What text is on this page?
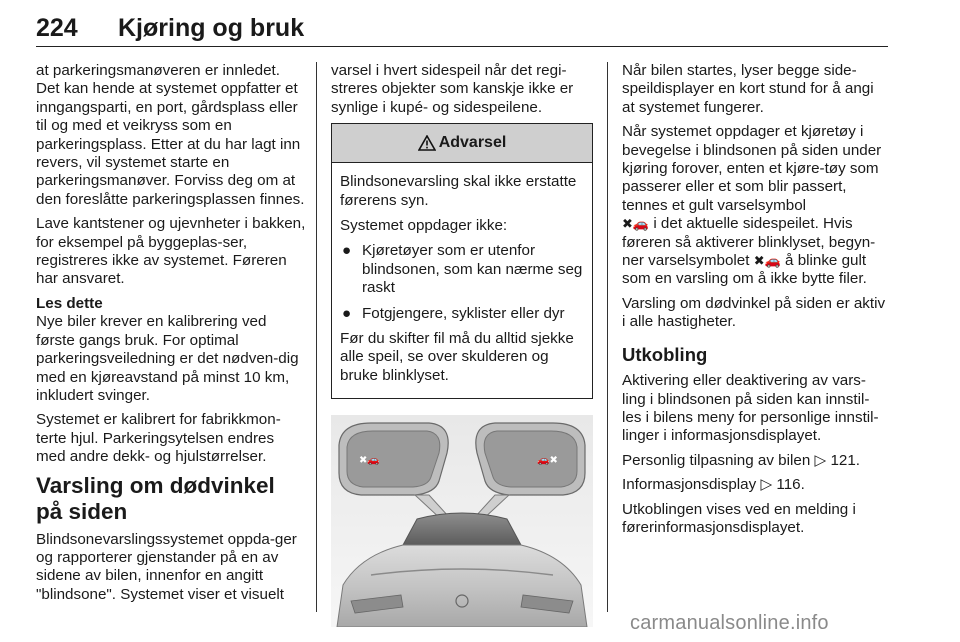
224 Kjøring og bruk

at parkeringsmanøveren er innledet. Det kan hende at systemet oppfatter et inngangsparti, en port, gårdsplass eller til og med et veikryss som en parkeringsplass. Etter at du har lagt inn revers, vil systemet starte en parkeringsmanøver. Forviss deg om at den foreslåtte parkeringsplassen finnes.

Lave kantstener og ujevnheter i bakken, for eksempel på byggeplas-ser, registreres ikke av systemet. Føreren har ansvaret.

Les dette

Nye biler krever en kalibrering ved første gangs bruk. For optimal parkeringsveiledning er det nødven-dig med en kjøreavstand på minst 10 km, inkludert svinger.

Systemet er kalibrert for fabrikkmon-terte hjul. Parkeringsytelsen endres med andre dekk- og hjulstørrelser.

Varsling om dødvinkel på siden

Blindsonevarslingssystemet oppda-ger og rapporterer gjenstander på en av sidene av bilen, innenfor en angitt "blindsone". Systemet viser et visuelt

varsel i hvert sidespeil når det regi-streres objekter som kanskje ikke er synlige i kupé- og sidespeilene.

Advarsel

Blindsonevarsling skal ikke erstatte førerens syn.

Systemet oppdager ikke:

● Kjøretøyer som er utenfor blindsonen, som kan nærme seg raskt
● Fotgjengere, syklister eller dyr

Før du skifter fil må du alltid sjekke alle speil, se over skulderen og bruke blinklyset.

✖🚗	🚗✖

Når bilen startes, lyser begge side-speildisplayer en kort stund for å angi at systemet fungerer.

Når systemet oppdager et kjøretøy i bevegelse i blindsonen på siden under kjøring forover, enten et kjøre-tøy som passerer eller et som blir passert, tennes et gult varselsymbol
✖🚗 i det aktuelle sidespeilet. Hvis føreren så aktiverer blinklyset, begyn-ner varselsymbolet ✖🚗 å blinke gult som en varsling om å ikke bytte filer.

Varsling om dødvinkel på siden er aktiv i alle hastigheter.

Utkobling

Aktivering eller deaktivering av vars-ling i blindsonen på siden kan innstil-les i bilens meny for personlige innstil-linger i informasjonsdisplayet.

Personlig tilpasning av bilen ▷ 121.

Informasjonsdisplay ▷ 116.

Utkoblingen vises ved en melding i førerinformasjonsdisplayet.

carmanualsonline.info
